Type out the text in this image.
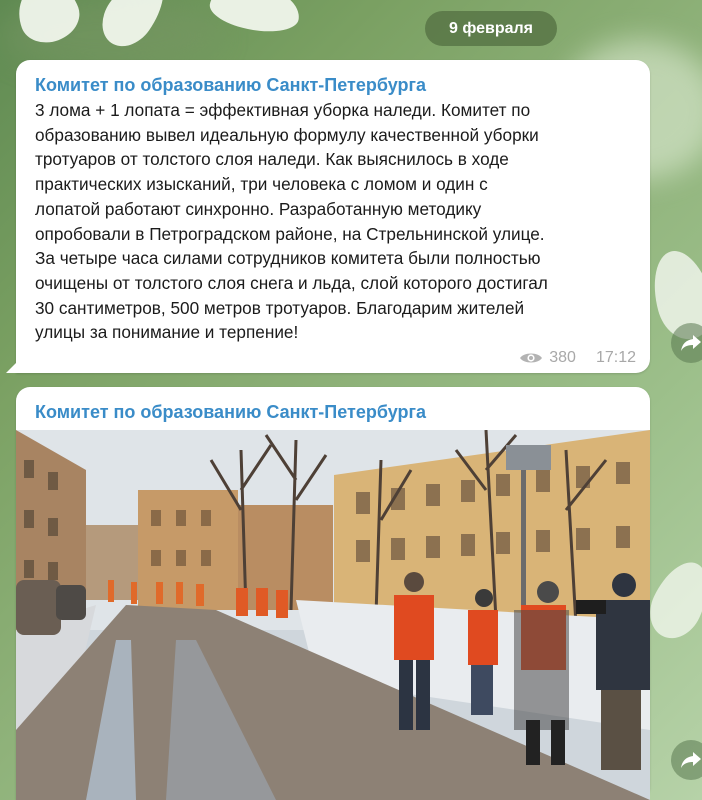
9 февраля
Комитет по образованию Санкт-Петербурга
3 лома + 1 лопата = эффективная уборка наледи. Комитет по
образованию вывел идеальную формулу качественной уборки
тротуаров от толстого слоя наледи. Как выяснилось в ходе
практических изысканий, три человека с ломом и один с
лопатой работают синхронно. Разработанную методику
опробовали в Петроградском районе, на Стрельнинской улице.
За четыре часа силами сотрудников комитета были полностью
очищены от толстого слоя снега и льда, слой которого достигал
30 сантиметров, 500 метров тротуаров. Благодарим жителей
улицы за понимание и терпение!
380 17:12
Комитет по образованию Санкт-Петербурга
